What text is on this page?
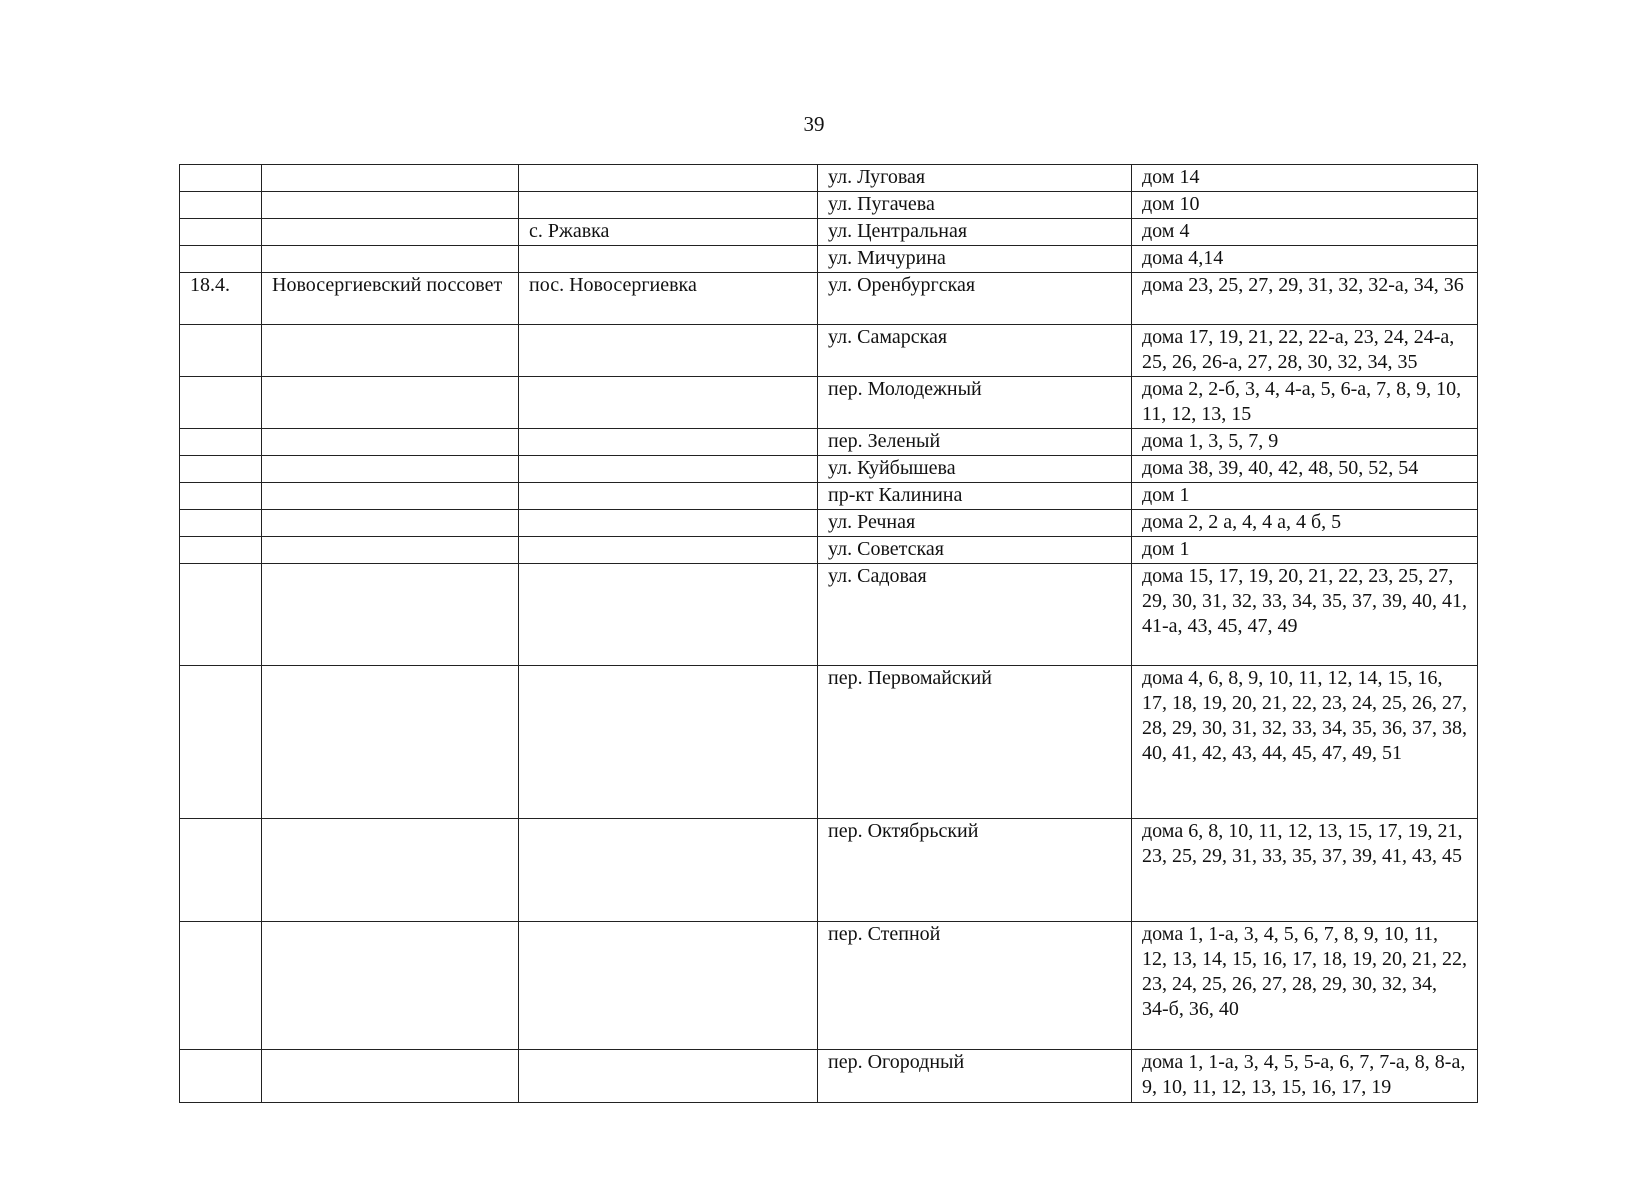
39
			ул. Луговая	дом 14
			ул. Пугачева	дом 10
		с. Ржавка	ул. Центральная	дом 4
			ул. Мичурина	дома 4,14
18.4.	Новосергиевский поссовет	пос. Новосергиевка	ул. Оренбургская	дома 23, 25, 27, 29, 31, 32, 32-а, 34, 36
			ул. Самарская	дома 17, 19, 21, 22, 22-а, 23, 24, 24-а, 25, 26, 26-а, 27, 28, 30, 32, 34, 35
			пер. Молодежный	дома 2, 2-б, 3, 4, 4-а, 5, 6-а, 7, 8, 9, 10, 11, 12, 13, 15
			пер. Зеленый	дома 1, 3, 5, 7, 9
			ул. Куйбышева	дома 38, 39, 40, 42, 48, 50, 52, 54
			пр-кт Калинина	дом 1
			ул. Речная	дома 2, 2 а, 4, 4 а, 4 б, 5
			ул. Советская	дом 1
			ул. Садовая	дома 15, 17, 19, 20, 21, 22, 23, 25, 27, 29, 30, 31, 32, 33, 34, 35, 37, 39, 40, 41, 41-а, 43, 45, 47, 49
			пер. Первомайский	дома 4, 6, 8, 9, 10, 11, 12, 14, 15, 16, 17, 18, 19, 20, 21, 22, 23, 24, 25, 26, 27, 28, 29, 30, 31, 32, 33, 34, 35, 36, 37, 38, 40, 41, 42, 43, 44, 45, 47, 49, 51
			пер. Октябрьский	дома 6, 8, 10, 11, 12, 13, 15, 17, 19, 21, 23, 25, 29, 31, 33, 35, 37, 39, 41, 43, 45
			пер. Степной	дома 1, 1-а, 3, 4, 5, 6, 7, 8, 9, 10, 11, 12, 13, 14, 15, 16, 17, 18, 19, 20, 21, 22, 23, 24, 25, 26, 27, 28, 29, 30, 32, 34, 34-б, 36, 40
			пер. Огородный	дома 1, 1-а, 3, 4, 5, 5-а, 6, 7, 7-а, 8, 8-а, 9, 10, 11, 12, 13, 15, 16, 17, 19
